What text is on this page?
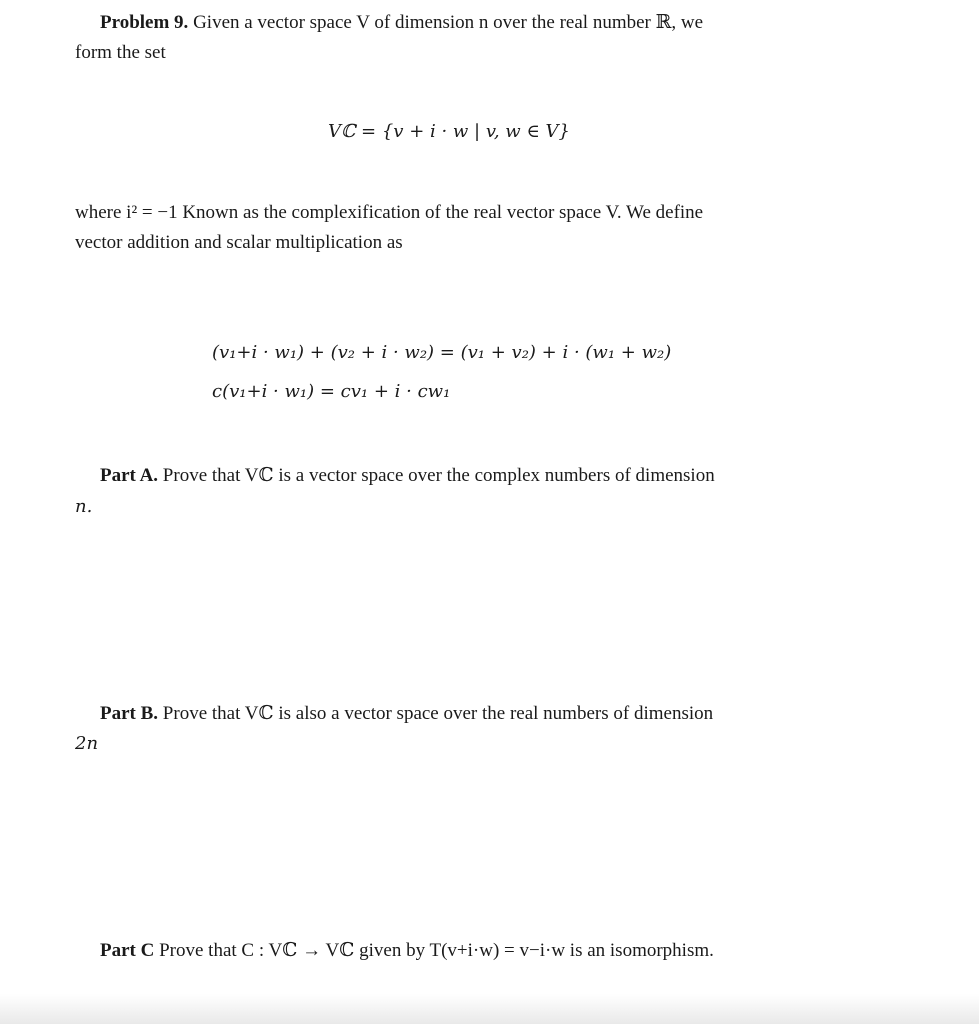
Problem 9. Given a vector space V of dimension n over the real number ℝ, we
form the set
Vℂ = {v + i · w | v, w ∈ V}
where i² = −1 Known as the complexification of the real vector space V. We define
vector addition and scalar multiplication as
(v₁+i · w₁) + (v₂ + i · w₂) = (v₁ + v₂) + i · (w₁ + w₂)
c(v₁+i · w₁) = cv₁ + i · cw₁
Part A. Prove that Vℂ is a vector space over the complex numbers of dimension
n.
Part B. Prove that Vℂ is also a vector space over the real numbers of dimension
2n
Part C Prove that C : Vℂ → Vℂ given by T(v+i·w) = v−i·w is an isomorphism.
